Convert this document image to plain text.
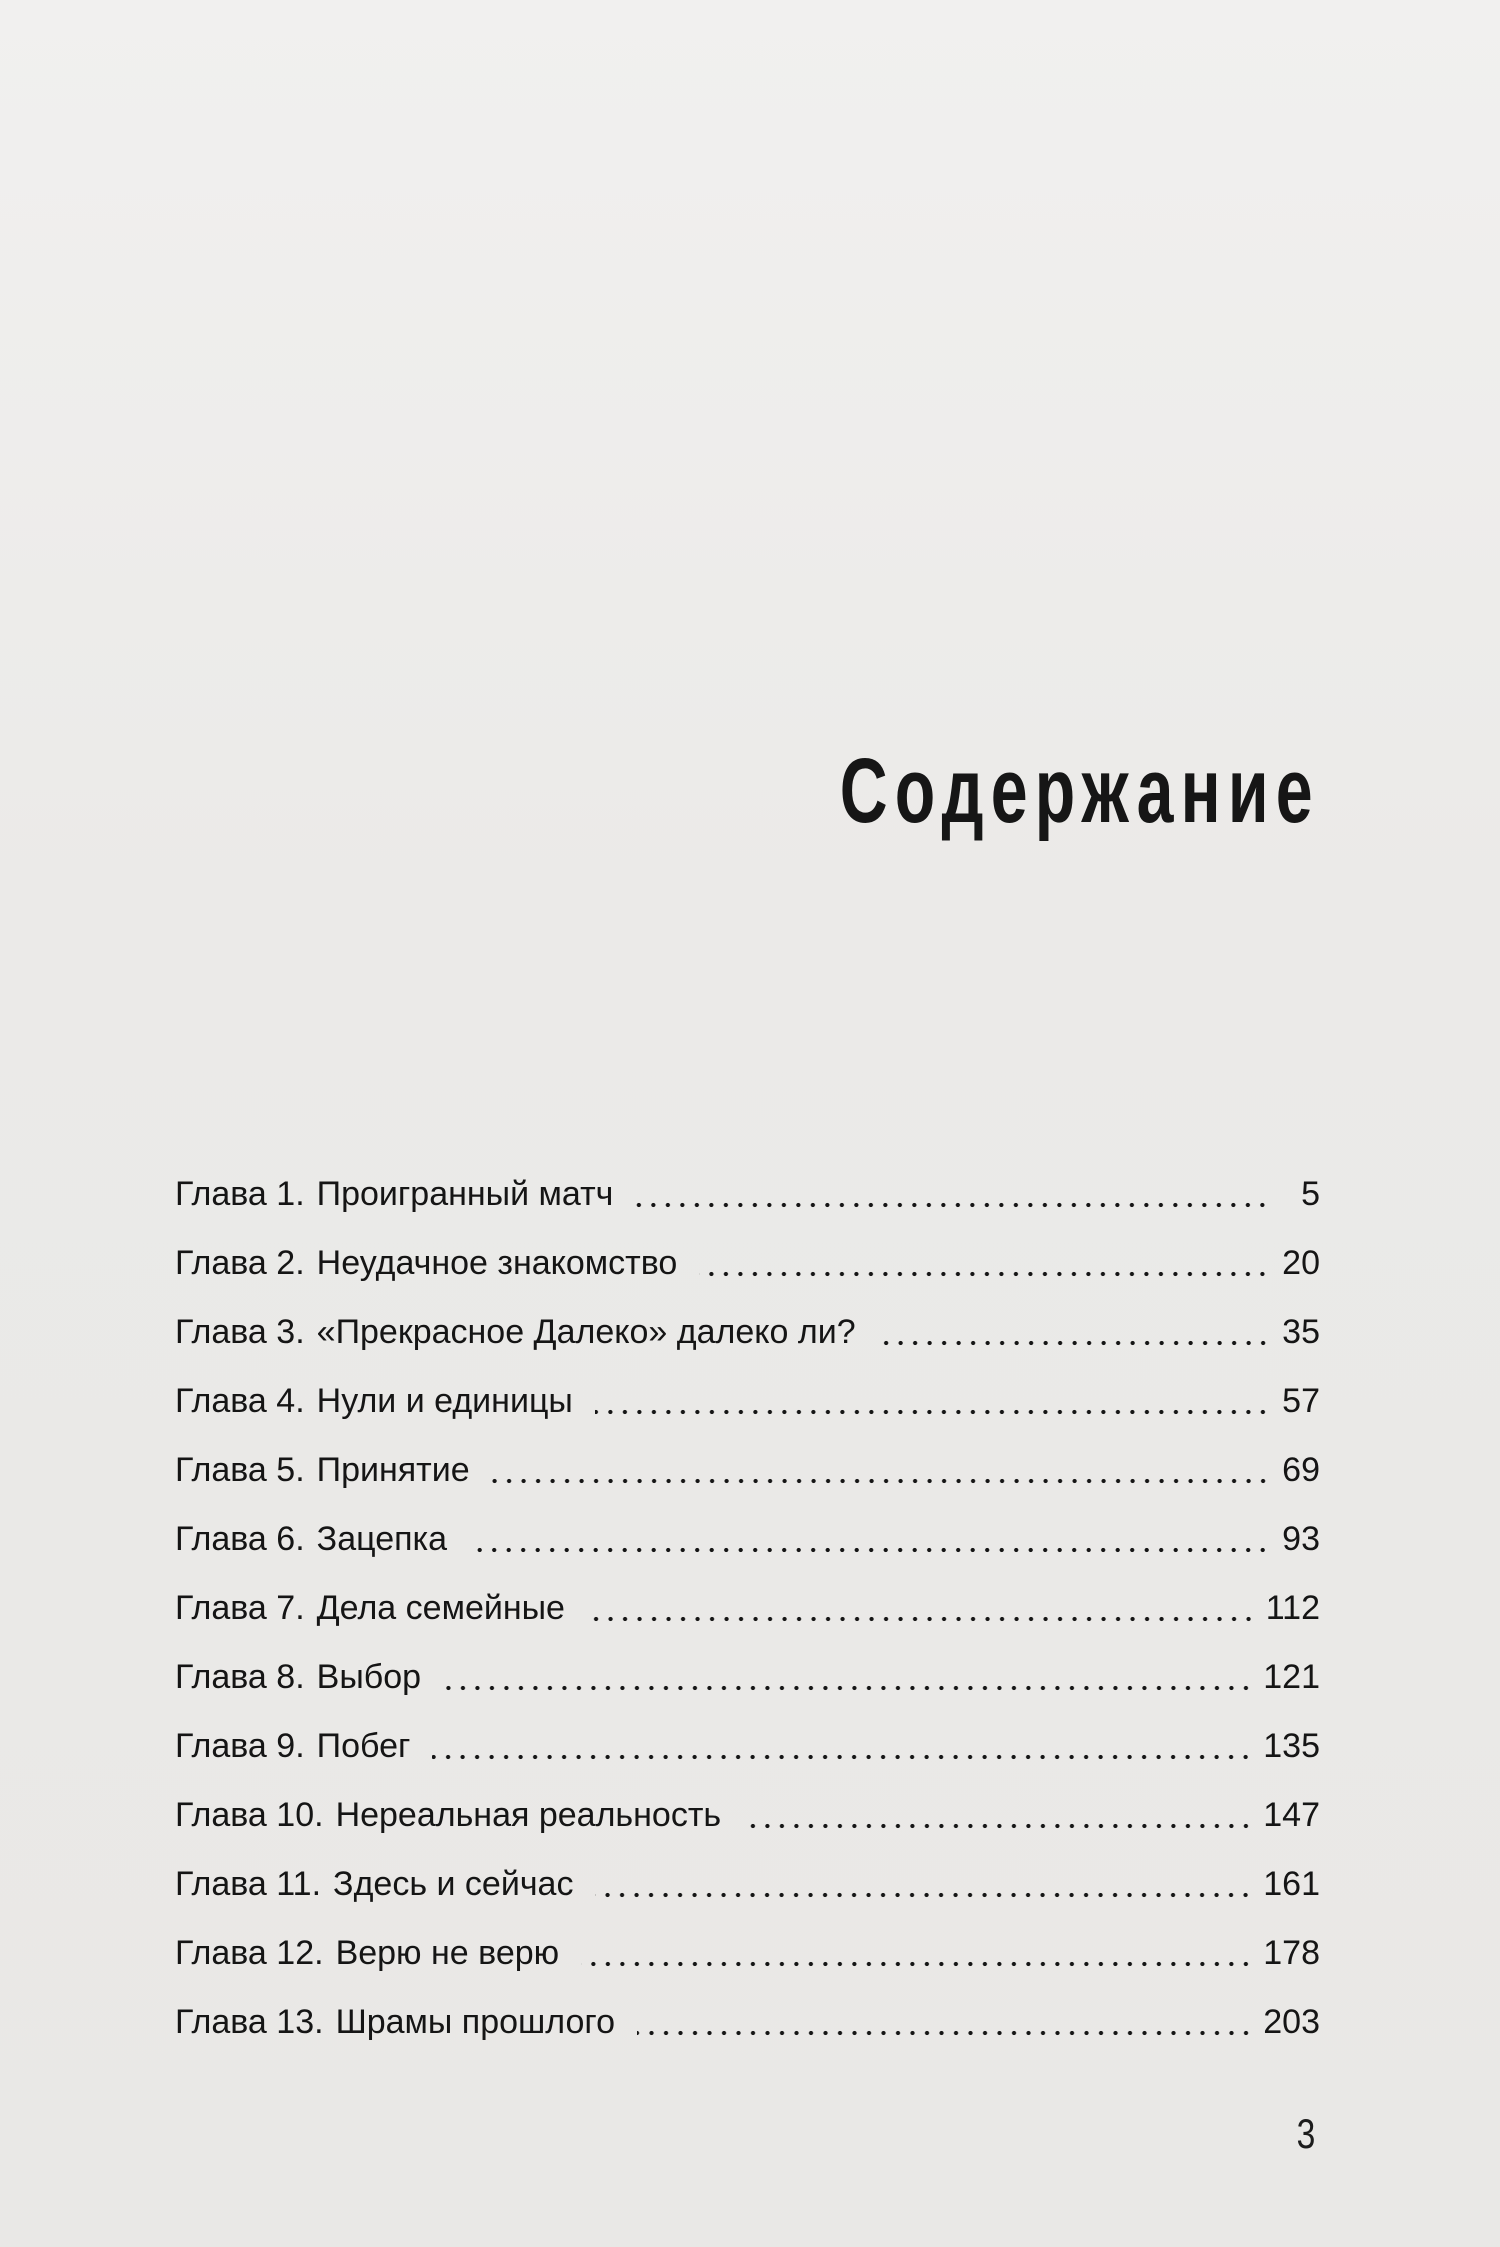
Содержание
Глава 1. Проигранный матч	5
Глава 2. Неудачное знакомство	20
Глава 3. «Прекрасное Далеко» далеко ли?	35
Глава 4. Нули и единицы	57
Глава 5. Принятие	69
Глава 6. Зацепка	93
Глава 7. Дела семейные	112
Глава 8. Выбор	121
Глава 9. Побег	135
Глава 10. Нереальная реальность	147
Глава 11. Здесь и сейчас	161
Глава 12. Верю не верю	178
Глава 13. Шрамы прошлого	203
3
